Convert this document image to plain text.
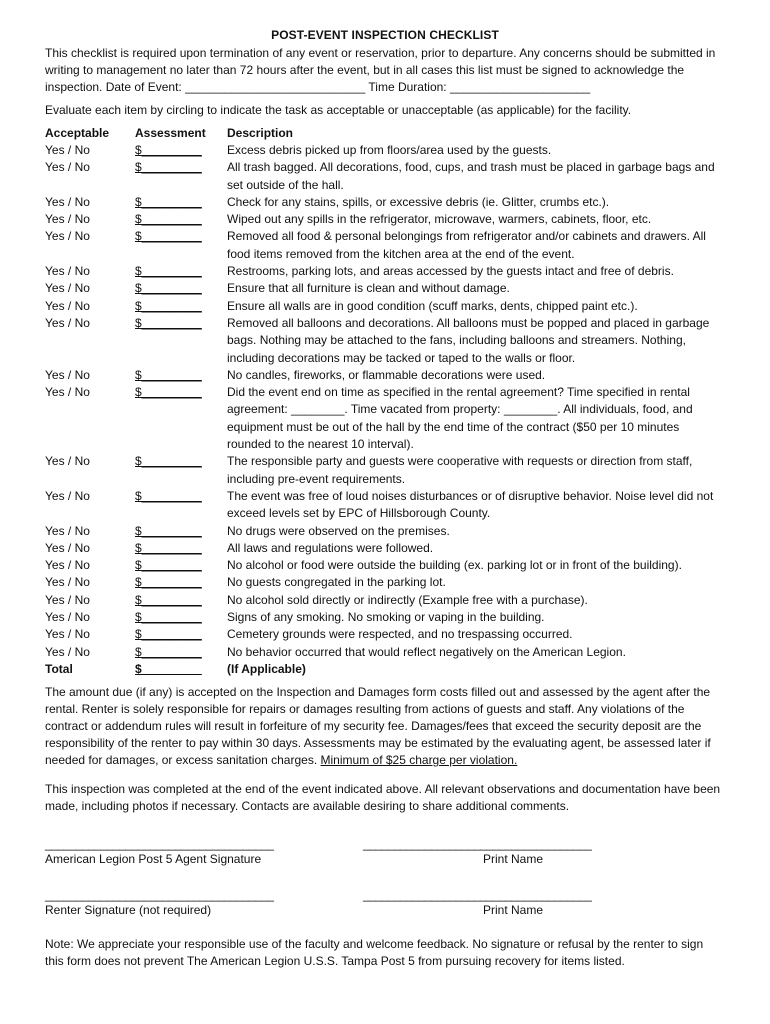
POST-EVENT INSPECTION CHECKLIST

This checklist is required upon termination of any event or reservation, prior to departure. Any concerns should be submitted in writing to management no later than 72 hours after the event, but in all cases this list must be signed to acknowledge the inspection. Date of Event: ___________________________ Time Duration: _____________________

Evaluate each item by circling to indicate the task as acceptable or unacceptable (as applicable) for the facility.

Acceptable	Assessment	Description
Yes / No	$_________	Excess debris picked up from floors/area used by the guests.
Yes / No	$_________	All trash bagged. All decorations, food, cups, and trash must be placed in garbage bags and set outside of the hall.
Yes / No	$_________	Check for any stains, spills, or excessive debris (ie. Glitter, crumbs etc.).
Yes / No	$_________	Wiped out any spills in the refrigerator, microwave, warmers, cabinets, floor, etc.
Yes / No	$_________	Removed all food & personal belongings from refrigerator and/or cabinets and drawers. All food items removed from the kitchen area at the end of the event.
Yes / No	$_________	Restrooms, parking lots, and areas accessed by the guests intact and free of debris.
Yes / No	$_________	Ensure that all furniture is clean and without damage.
Yes / No	$_________	Ensure all walls are in good condition (scuff marks, dents, chipped paint etc.).
Yes / No	$_________	Removed all balloons and decorations. All balloons must be popped and placed in garbage bags. Nothing may be attached to the fans, including balloons and streamers. Nothing, including decorations may be tacked or taped to the walls or floor.
Yes / No	$_________	No candles, fireworks, or flammable decorations were used.
Yes / No	$_________	Did the event end on time as specified in the rental agreement? Time specified in rental agreement: ________. Time vacated from property: ________. All individuals, food, and equipment must be out of the hall by the end time of the contract ($50 per 10 minutes rounded to the nearest 10 interval).
Yes / No	$_________	The responsible party and guests were cooperative with requests or direction from staff, including pre-event requirements.
Yes / No	$_________	The event was free of loud noises disturbances or of disruptive behavior. Noise level did not exceed levels set by EPC of Hillsborough County.
Yes / No	$_________	No drugs were observed on the premises.
Yes / No	$_________	All laws and regulations were followed.
Yes / No	$_________	No alcohol or food were outside the building (ex. parking lot or in front of the building).
Yes / No	$_________	No guests congregated in the parking lot.
Yes / No	$_________	No alcohol sold directly or indirectly (Example free with a purchase).
Yes / No	$_________	Signs of any smoking. No smoking or vaping in the building.
Yes / No	$_________	Cemetery grounds were respected, and no trespassing occurred.
Yes / No	$_________	No behavior occurred that would reflect negatively on the American Legion.
Total	$_________	(If Applicable)

The amount due (if any) is accepted on the Inspection and Damages form costs filled out and assessed by the agent after the rental. Renter is solely responsible for repairs or damages resulting from actions of guests and staff. Any violations of the contract or addendum rules will result in forfeiture of my security fee. Damages/fees that exceed the security deposit are the responsibility of the renter to pay within 30 days. Assessments may be estimated by the evaluating agent, be assessed later if needed for damages, or excess sanitation charges. Minimum of $25 charge per violation.

This inspection was completed at the end of the event indicated above. All relevant observations and documentation have been made, including photos if necessary. Contacts are available desiring to share additional comments.

_____________________________________
American Legion Post 5 Agent Signature
_____________________________________
Print Name
_____________________________________
Renter Signature (not required)
_____________________________________
Print Name

Note: We appreciate your responsible use of the faculty and welcome feedback. No signature or refusal by the renter to sign this form does not prevent The American Legion U.S.S. Tampa Post 5 from pursuing recovery for items listed.
